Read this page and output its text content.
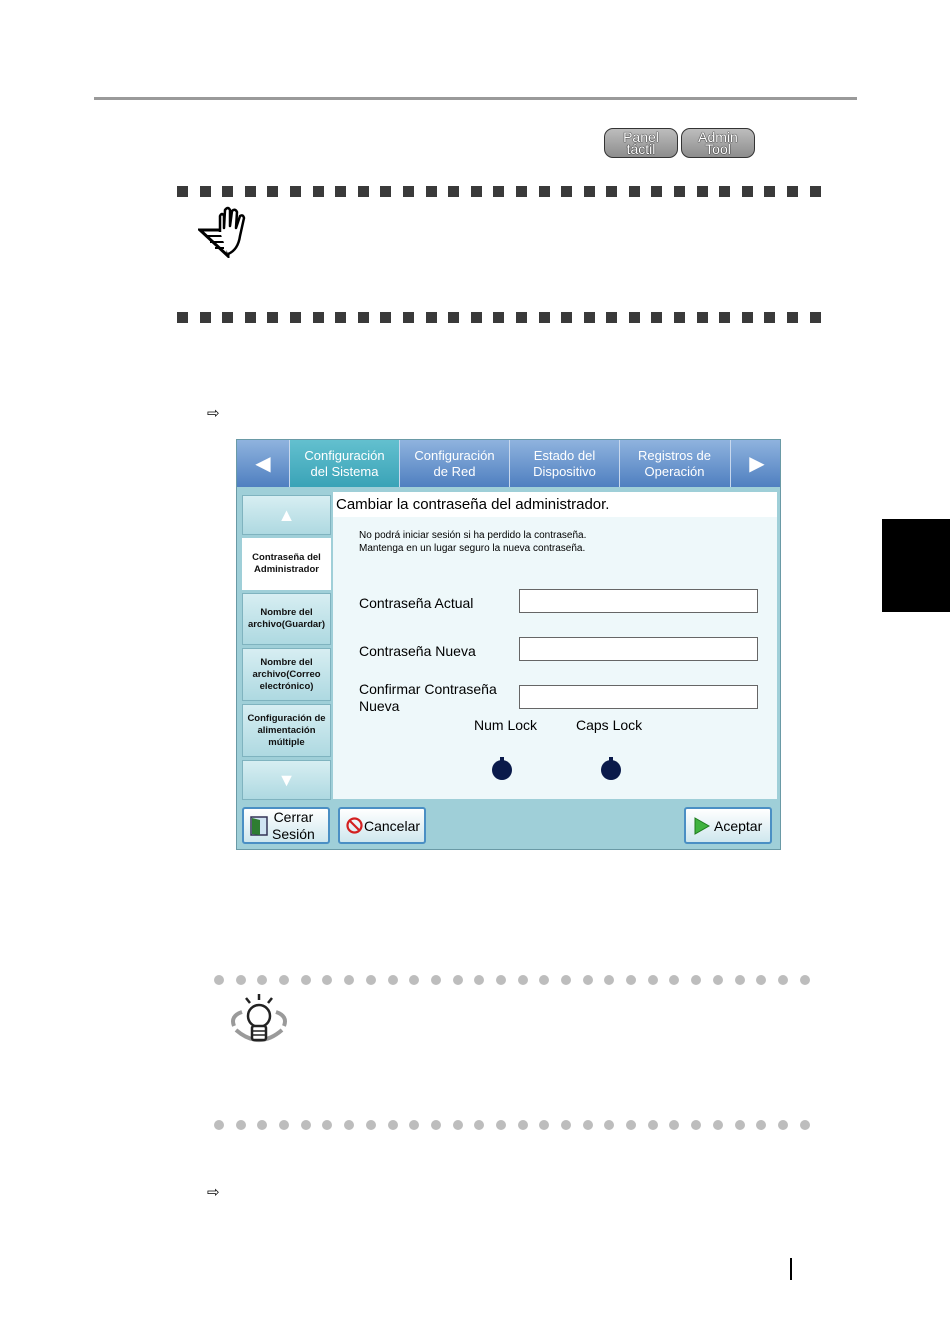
Panel
táctil
Admin
Tool
⇨
◀	Configuración
del Sistema
Configuración
de Red
Estado del
Dispositivo
Registros de
Operación	▶
▲
Contraseña del
Administrador
Nombre del
archivo(Guardar)
Nombre del
archivo(Correo
electrónico)
Configuración de
alimentación
múltiple
▼
Cambiar la contraseña del administrador.
No podrá iniciar sesión si ha perdido la contraseña.
Mantenga en un lugar seguro la nueva contraseña.
Contraseña Actual
Contraseña Nueva
Confirmar Contraseña
Nueva
Num Lock	Caps Lock
Cerrar
Sesión	Cancelar	Aceptar
⇨
